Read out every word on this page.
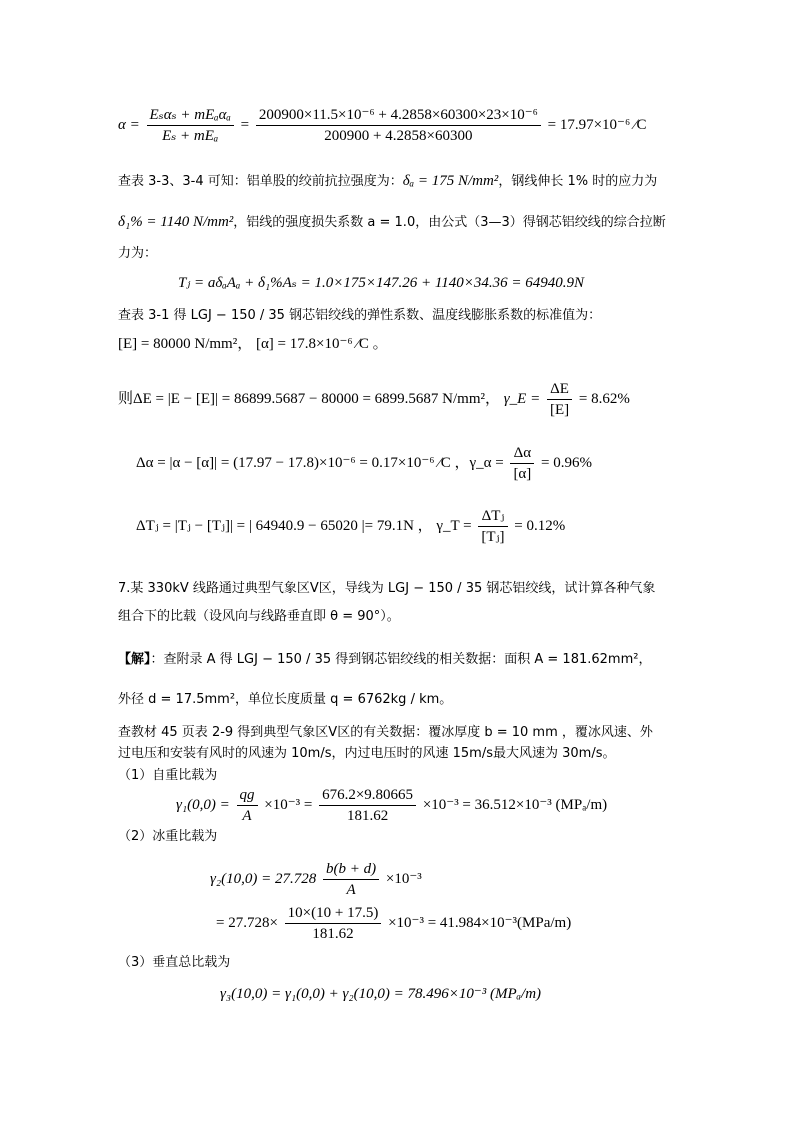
$\alpha = \frac{\text{Eₛαₛ + mEₐαₐ}}{\text{Eₛ + mEₐ}} = \frac{\text{200900×11.5×10⁻⁶ + 4.2858×60300×23×10⁻⁶}}{200900 + 4.2858\times 60300} = 17.97\times 10^{-6}$ ⁄C
查表 3-3、3-4 可知：铝单股的绞前抗拉强度为：δₐ = 175 N/mm²，钢线伸长 1% 时的应力为
δ₁% = 1140 N/mm²，铝线的强度损失系数 a = 1.0，由公式（3—3）得钢芯铝绞线的综合拉断
力为：
Tⱼ = aδₐAₐ + δ₁%Aₛ = 1.0×175×147.26 + 1140×34.36 = 64940.9N
查表 3-1 得 LGJ − 150 / 35 钢芯铝绞线的弹性系数、温度线膨胀系数的标准值为：
[E] = 80000 N/mm²， [α] = 17.8×10⁻⁶ ⁄C 。
则ΔE = |E − [E]| = 86899.5687 − 80000 = 6899.5687 N/mm²， γ_E = $\frac{\Delta E}{[E]} = 8.62\%$
Δα = |α − [α]| = (17.97 − 17.8)×10⁻⁶ = 0.17×10⁻⁶ ⁄C ，γ_α = $\frac{\Delta\alpha}{[\alpha]} = 0.96\%$
ΔTⱼ = |Tⱼ − [Tⱼ]| = | 64940.9 − 65020 |= 79.1N ， γ_T = $\frac{\text{ΔTⱼ}}{\text{[Tⱼ]}} = 0.12\%$
7.某 330kV 线路通过典型气象区Ⅴ区，导线为 LGJ − 150 / 35 钢芯铝绞线，试计算各种气象
组合下的比载（设风向与线路垂直即 θ = 90°）。
【解】：查附录 A 得 LGJ − 150 / 35 得到钢芯铝绞线的相关数据：面积 A = 181.62mm²，
外径 d = 17.5mm²，单位长度质量 q = 6762kg / km。
查教材 45 页表 2-9 得到典型气象区Ⅴ区的有关数据：覆冰厚度 b = 10 mm ，覆冰风速、外
过电压和安装有风时的风速为 10m/s，内过电压时的风速 15m/s最大风速为 30m/s。
（1）自重比载为
$\gamma_1(0,0) = \frac{qg}{A} \times 10^{-3} = \frac{676.2\times 9.80665}{181.62} \times 10^{-3} = 36.512\times 10^{-3}$ (MPₐ/m)
（2）冰重比载为
$\gamma_2(10,0) = 27.728 \frac{b(b + d)}{A} \times 10^{-3}$
= $27.728\times \frac{10\times(10 + 17.5)}{181.62} \times 10^{-3} = 41.984\times 10^{-3}(MPa/m)$
（3）垂直总比载为
γ₃(10,0) = γ₁(0,0) + γ₂(10,0) = 78.496×10⁻³ (MPₐ/m)
